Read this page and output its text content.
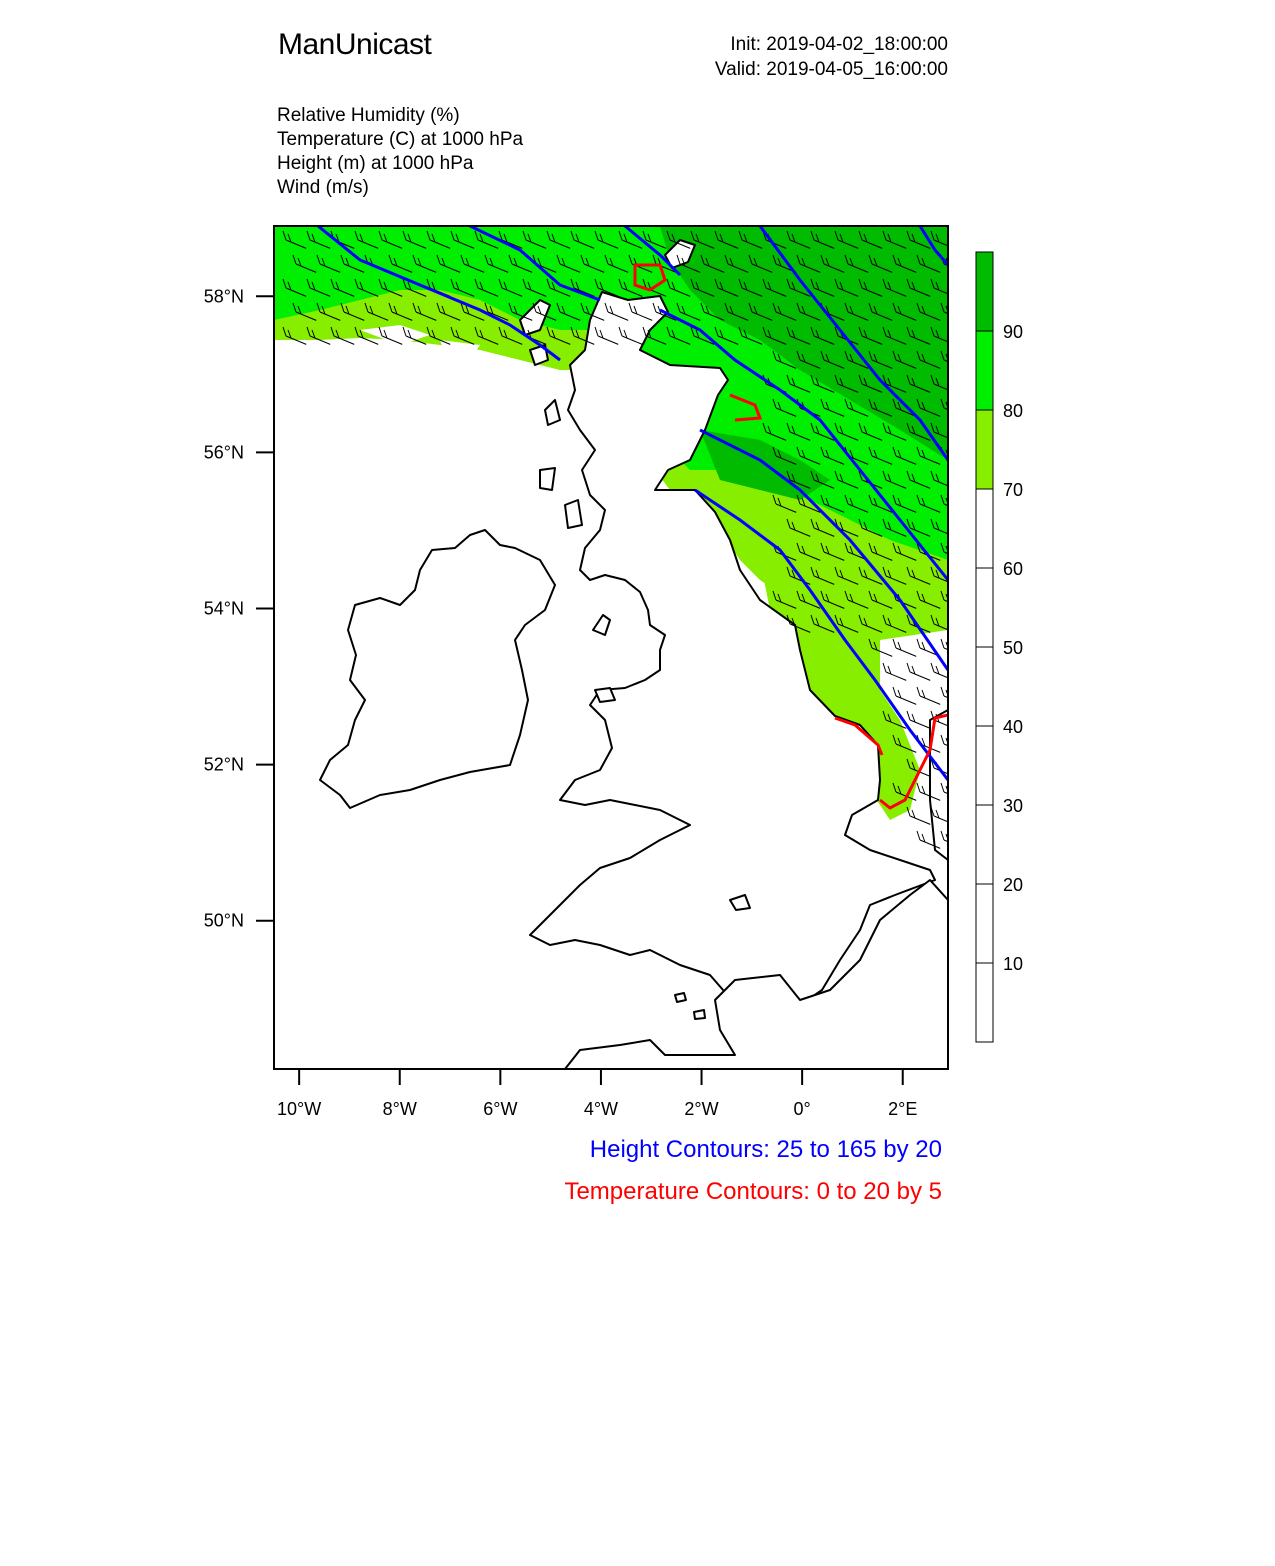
ManUnicast	Init: 2019-04-02_18:00:00
Valid: 2019-04-05_16:00:00
Relative Humidity (%)
Temperature (C) at 1000 hPa
Height (m) at 1000 hPa
Wind (m/s)
58°N
56°N
54°N
52°N
50°N
10°W	8°W	6°W	4°W	2°W	0°	2°E
90
80
70
60
50
40
30
20
10
Height Contours: 25 to 165 by 20
Temperature Contours: 0 to 20 by 5
